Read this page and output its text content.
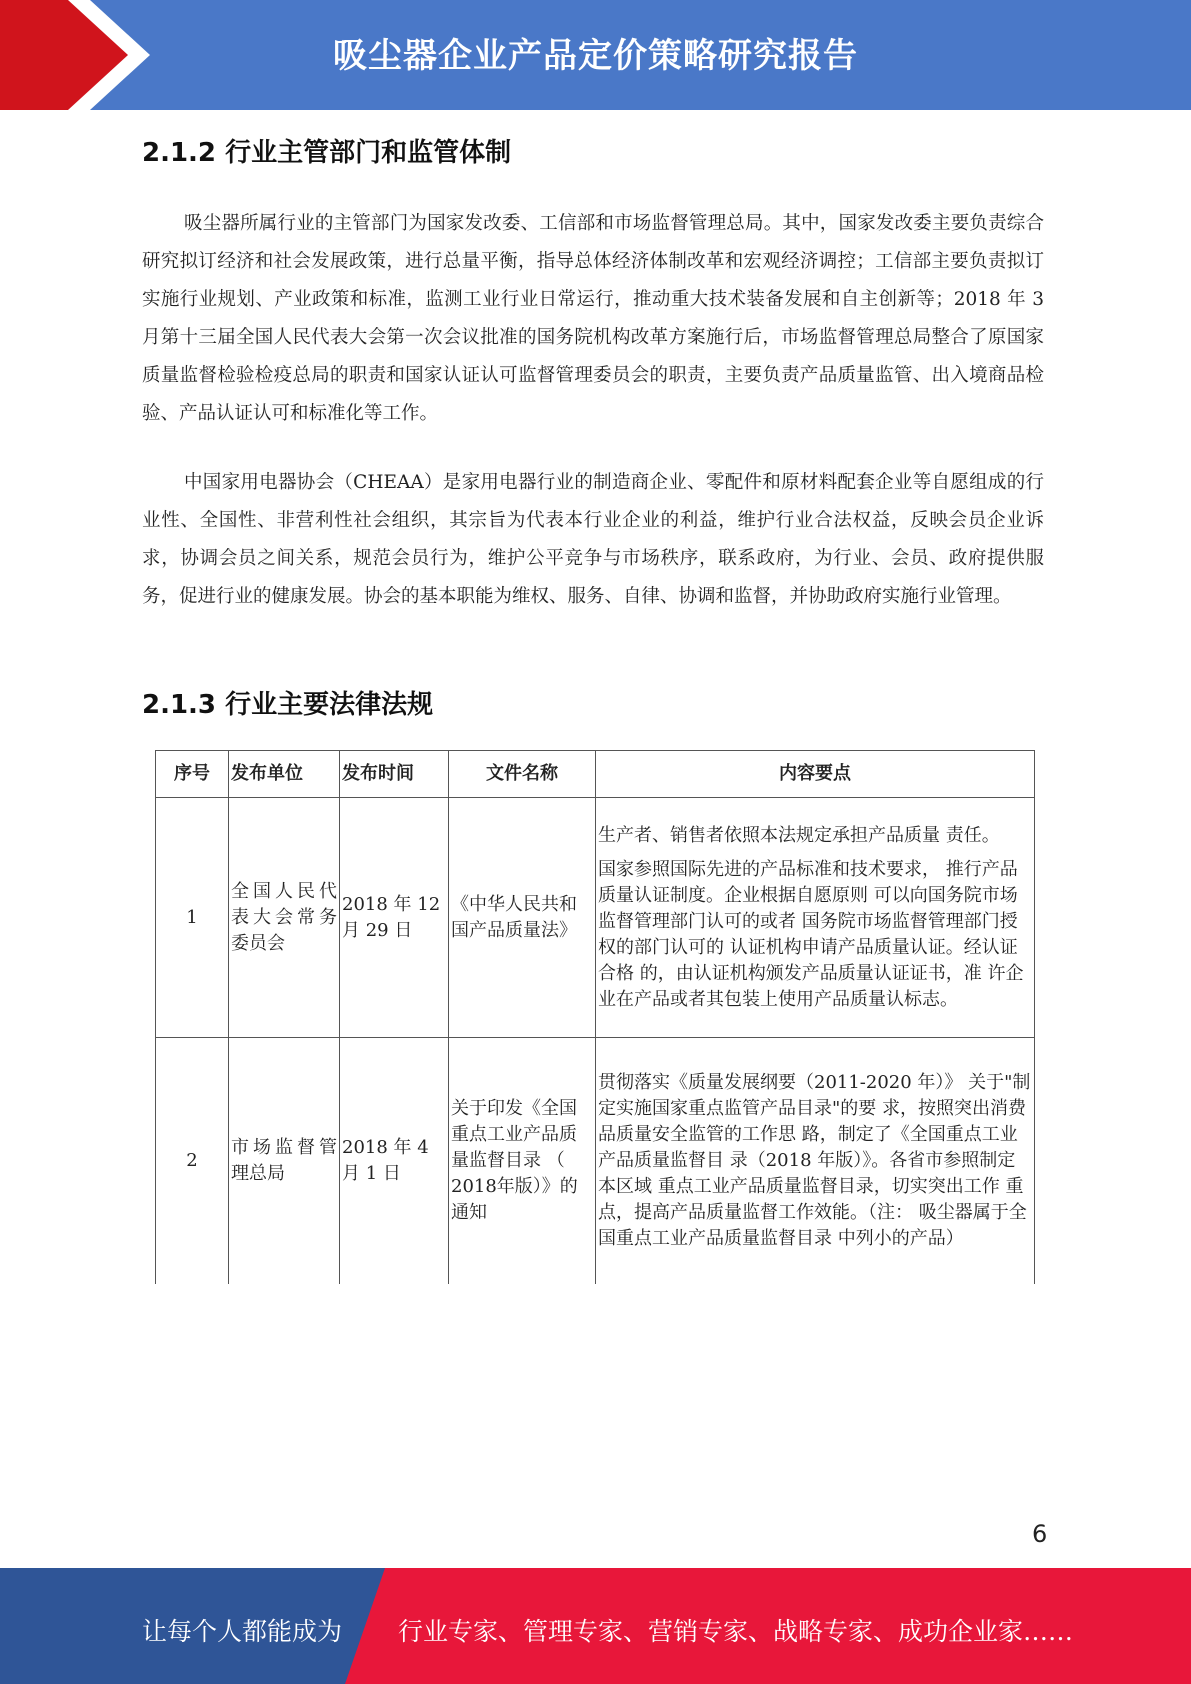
吸尘器企业产品定价策略研究报告
2.1.2 行业主管部门和监管体制

吸尘器所属行业的主管部门为国家发改委、工信部和市场监督管理总局。其中，国家发改委主要负责综合研究拟订经济和社会发展政策，进行总量平衡，指导总体经济体制改革和宏观经济调控；工信部主要负责拟订实施行业规划、产业政策和标准，监测工业行业日常运行，推动重大技术装备发展和自主创新等；2018 年 3 月第十三届全国人民代表大会第一次会议批准的国务院机构改革方案施行后，市场监督管理总局整合了原国家质量监督检验检疫总局的职责和国家认证认可监督管理委员会的职责，主要负责产品质量监管、出入境商品检验、产品认证认可和标准化等工作。

中国家用电器协会（CHEAA）是家用电器行业的制造商企业、零配件和原材料配套企业等自愿组成的行业性、全国性、非营利性社会组织，其宗旨为代表本行业企业的利益，维护行业合法权益，反映会员企业诉求，协调会员之间关系，规范会员行为，维护公平竞争与市场秩序，联系政府，为行业、会员、政府提供服务，促进行业的健康发展。协会的基本职能为维权、服务、自律、协调和监督，并协助政府实施行业管理。

2.1.3 行业主要法律法规
序号	发布单位	发布时间	文件名称	内容要点
1	全国人民代表大会常务委员会	2018 年 12 月 29 日	《中华人民共和国产品质量法》	生产者、销售者依照本法规定承担产品质量 责任。
国家参照国际先进的产品标准和技术要求， 推行产品质量认证制度。企业根据自愿原则 可以向国务院市场监督管理部门认可的或者 国务院市场监督管理部门授权的部门认可的 认证机构申请产品质量认证。经认证合格 的，由认证机构颁发产品质量认证证书，准 许企业在产品或者其包装上使用产品质量认标志。
2	市场监督管理总局	2018 年 4 月 1 日	关于印发《全国重点工业产品质量监督目录 （ 2018年版）》的通知	贯彻落实《质量发展纲要（2011-2020 年）》 关于"制定实施国家重点监管产品目录"的要 求，按照突出消费品质量安全监管的工作思 路，制定了《全国重点工业产品质量监督目 录（2018 年版）》。各省市参照制定本区域 重点工业产品质量监督目录，切实突出工作 重点，提高产品质量监督工作效能。（注： 吸尘器属于全国重点工业产品质量监督目录 中列小的产品）
6
让每个人都能成为 行业专家、管理专家、营销专家、战略专家、成功企业家……
